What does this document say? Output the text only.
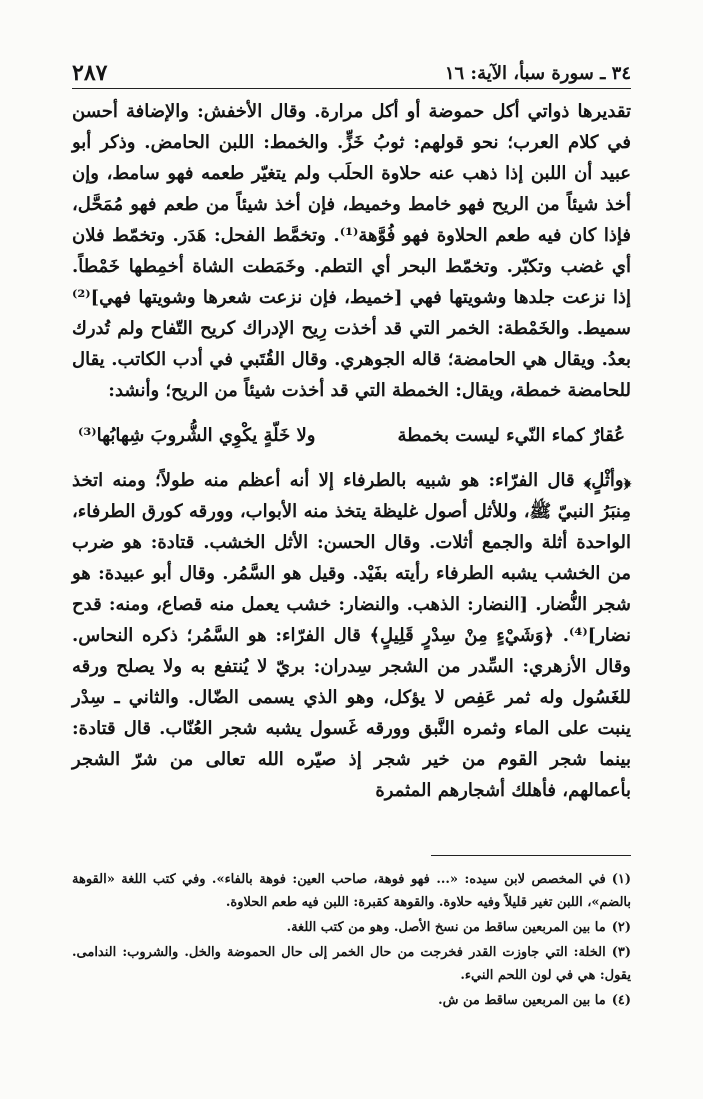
٣٤ ـ سورة سبأ، الآية: ١٦
٢٨٧

تقديرها ذواتي أكل حموضة أو أكل مرارة. وقال الأخفش: والإضافة أحسن في كلام العرب؛ نحو قولهم: ثوبُ خَزٍّ. والخمط: اللبن الحامض. وذكر أبو عبيد أن اللبن إذا ذهب عنه حلاوة الحلَب ولم يتغيّر طعمه فهو سامط، وإن أخذ شيئاً من الريح فهو خامط وخميط، فإن أخذ شيئاً من طعم فهو مُمَحَّل، فإذا كان فيه طعم الحلاوة فهو فُوَّهة⁽¹⁾. وتخمَّط الفحل: هَدَر. وتخمّط فلان أي غضب وتكبّر. وتخمّط البحر أي التطم. وخَمَطت الشاة أخمِطها خَمْطاً. إذا نزعت جلدها وشويتها فهي [خميط، فإن نزعت شعرها وشويتها فهي]⁽²⁾ سميط. والخَمْطة: الخمر التي قد أخذت رِيح الإدراك كريح التّفاح ولم تُدرك بعدُ. ويقال هي الحامضة؛ قاله الجوهري. وقال القُتَبي في أدب الكاتب. يقال للحامضة خمطة، ويقال: الخمطة التي قد أخذت شيئاً من الريح؛ وأنشد:

عُقارٌ كماء النّيء ليست بخمطة
ولا خَلّةٍ يكْوِي الشُّروبَ شِهابُها⁽³⁾

﴿وأثْلٍ﴾ قال الفرّاء: هو شبيه بالطرفاء إلا أنه أعظم منه طولاً؛ ومنه اتخذ مِنبَرُ النبيّ ﷺ، وللأثل أصول غليظة يتخذ منه الأبواب، وورقه كورق الطرفاء، الواحدة أثلة والجمع أثلات. وقال الحسن: الأثل الخشب. قتادة: هو ضرب من الخشب يشبه الطرفاء رأيته بفَيْد. وقيل هو السَّمُر. وقال أبو عبيدة: هو شجر النُّضار. [النضار: الذهب. والنضار: خشب يعمل منه قصاع، ومنه: قدح نضار]⁽⁴⁾. ﴿وَشَيْءٍ مِنْ سِدْرٍ قَلِيلٍ﴾ قال الفرّاء: هو السَّمُر؛ ذكره النحاس. وقال الأزهري: السِّدر من الشجر سِدران: بريّ لا يُنتفع به ولا يصلح ورقه للغَسُول وله ثمر عَفِص لا يؤكل، وهو الذي يسمى الضّال. والثاني ـ سِدْر ينبت على الماء وثمره النَّبق وورقه غَسول يشبه شجر العُنّاب. قال قتادة: بينما شجر القوم من خير شجر إذ صيّره الله تعالى من شرّ الشجر بأعمالهم، فأهلك أشجارهم المثمرة

(١)في المخصص لابن سيده: «... فهو فوهة، صاحب العين: فوهة بالفاء». وفي كتب اللغة «القوهة بالضم»، اللبن تغير قليلاً وفيه حلاوة. والقوهة كقبرة: اللبن فيه طعم الحلاوة.

(٢)ما بين المربعين ساقط من نسخ الأصل. وهو من كتب اللغة.

(٣)الخلة: التي جاوزت القدر فخرجت من حال الخمر إلى حال الحموضة والخل. والشروب: الندامى. يقول: هي في لون اللحم النيء.

(٤)ما بين المربعين ساقط من ش.
